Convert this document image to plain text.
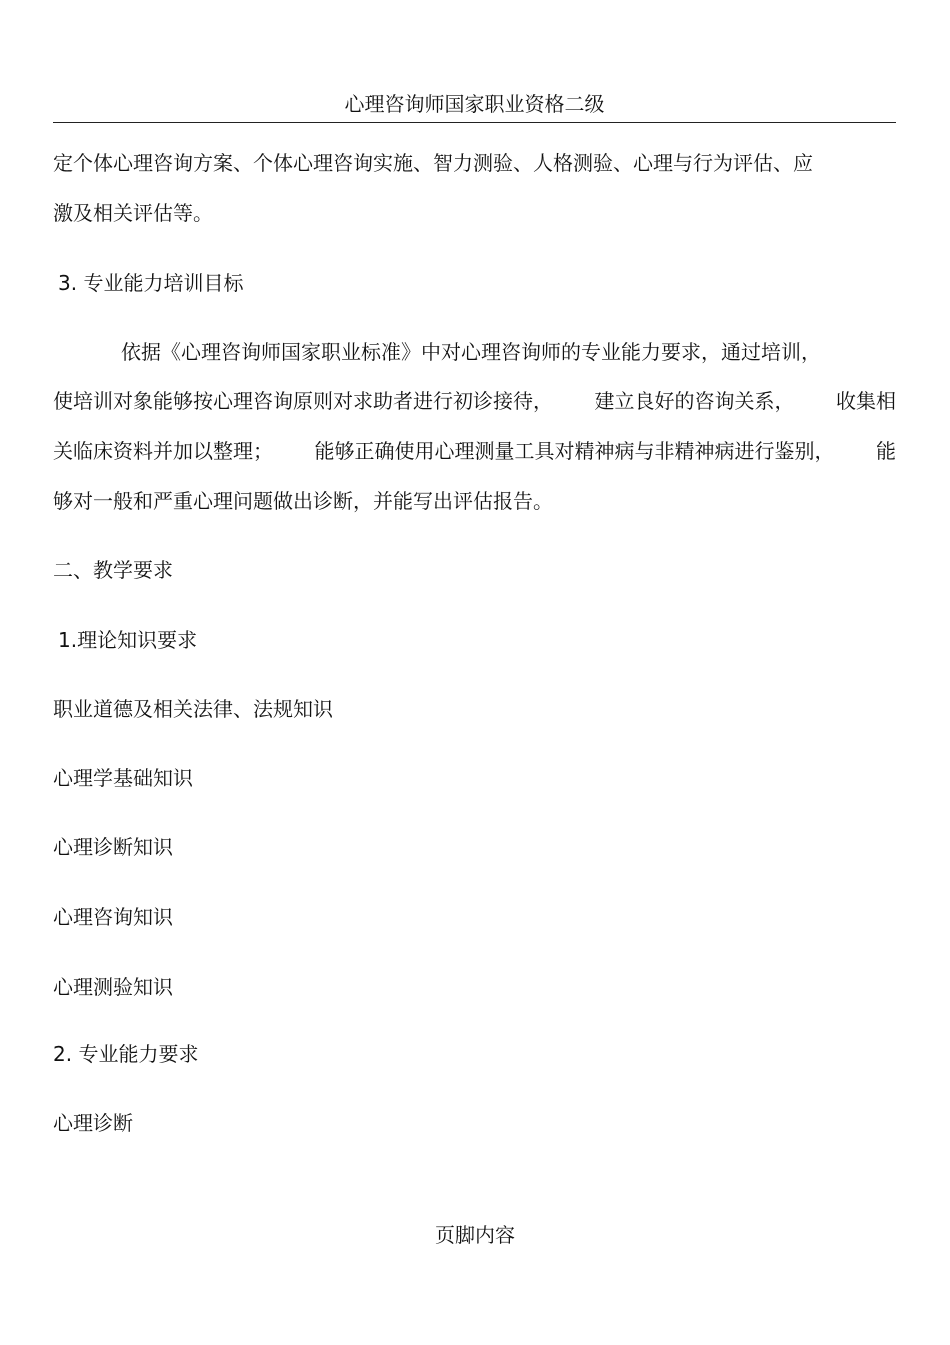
心理咨询师国家职业资格二级
定个体心理咨询方案、个体心理咨询实施、智力测验、人格测验、心理与行为评估、应
激及相关评估等。
3. 专业能力培训目标
依据《心理咨询师国家职业标准》中对心理咨询师的专业能力要求，通过培训，
使培训对象能够按心理咨询原则对求助者进行初诊接待， 建立良好的咨询关系， 收集相
关临床资料并加以整理； 能够正确使用心理测量工具对精神病与非精神病进行鉴别， 能
够对一般和严重心理问题做出诊断，并能写出评估报告。
二、教学要求
1.理论知识要求
职业道德及相关法律、法规知识
心理学基础知识
心理诊断知识
心理咨询知识
心理测验知识
2. 专业能力要求
心理诊断
页脚内容
